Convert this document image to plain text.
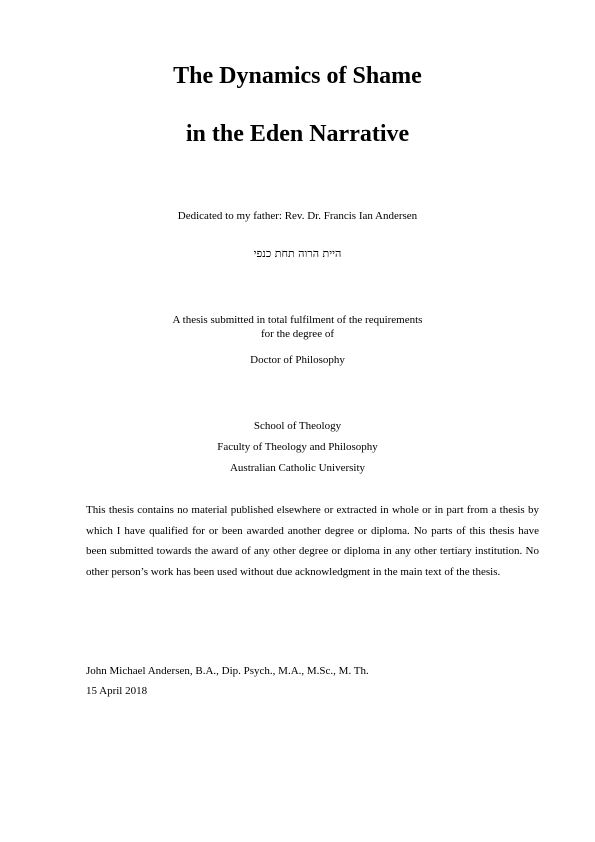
The Dynamics of Shame
in the Eden Narrative
Dedicated to my father: Rev. Dr. Francis Ian Andersen
היית הרוה תחת כנפי
A thesis submitted in total fulfilment of the requirements
for the degree of
Doctor of Philosophy
School of Theology
Faculty of Theology and Philosophy
Australian Catholic University

This thesis contains no material published elsewhere or extracted in whole or in part from a thesis by which I have qualified for or been awarded another degree or diploma. No parts of this thesis have been submitted towards the award of any other degree or diploma in any other tertiary institution. No other person’s work has been used without due acknowledgment in the main text of the thesis.

John Michael Andersen, B.A., Dip. Psych., M.A., M.Sc., M. Th.
15 April 2018
